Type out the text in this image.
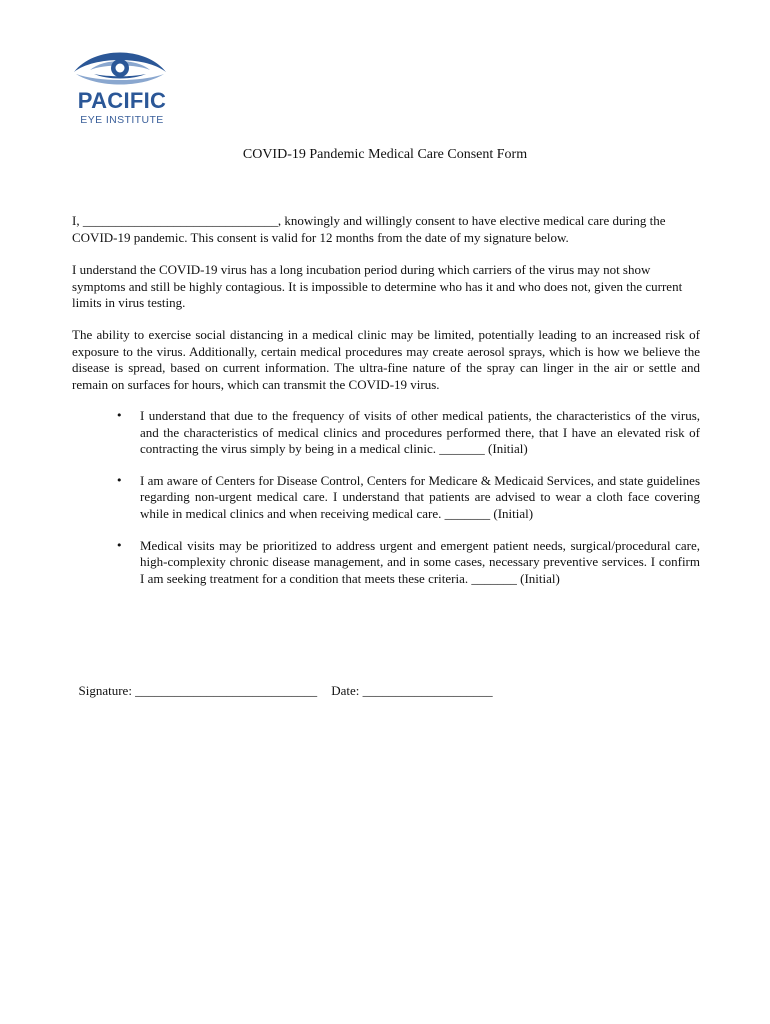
PACIFIC
EYE INSTITUTE
COVID-19 Pandemic Medical Care Consent Form
I, ______________________________, knowingly and willingly consent to have elective medical care during the COVID-19 pandemic. This consent is valid for 12 months from the date of my signature below.
I understand the COVID-19 virus has a long incubation period during which carriers of the virus may not show symptoms and still be highly contagious. It is impossible to determine who has it and who does not, given the current limits in virus testing.
The ability to exercise social distancing in a medical clinic may be limited, potentially leading to an increased risk of exposure to the virus. Additionally, certain medical procedures may create aerosol sprays, which is how we believe the disease is spread, based on current information. The ultra-fine nature of the spray can linger in the air or settle and remain on surfaces for hours, which can transmit the COVID-19 virus.
• I understand that due to the frequency of visits of other medical patients, the characteristics of the virus, and the characteristics of medical clinics and procedures performed there, that I have an elevated risk of contracting the virus simply by being in a medical clinic. _______ (Initial)
• I am aware of Centers for Disease Control, Centers for Medicare & Medicaid Services, and state guidelines regarding non-urgent medical care. I understand that patients are advised to wear a cloth face covering while in medical clinics and when receiving medical care. _______ (Initial)
• Medical visits may be prioritized to address urgent and emergent patient needs, surgical/procedural care, high-complexity chronic disease management, and in some cases, necessary preventive services. I confirm I am seeking treatment for a condition that meets these criteria. _______ (Initial)

Signature: ____________________________ Date: ____________________
